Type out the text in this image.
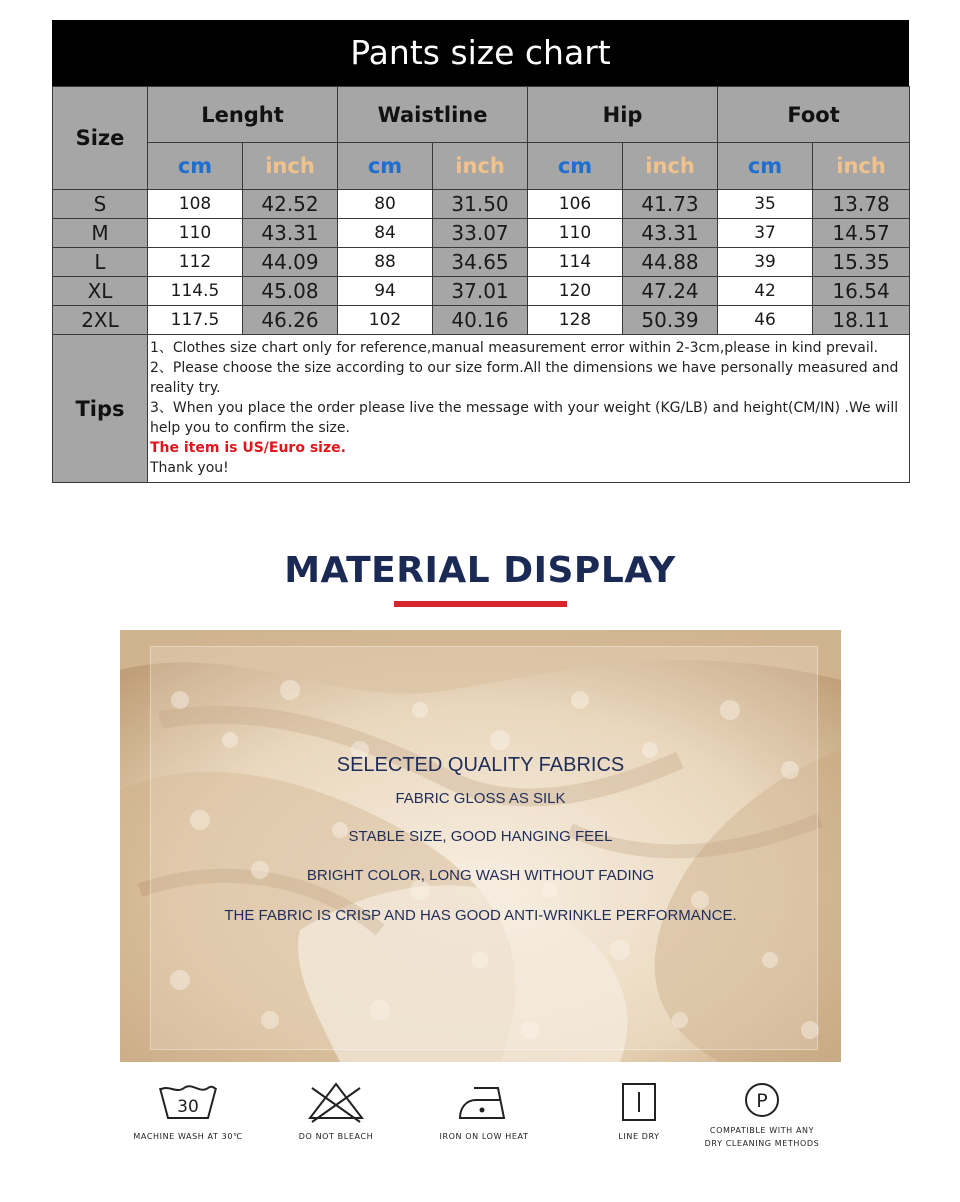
Pants size chart
Size	Lenght		Waistline		Hip		Foot	
	cm	inch	cm	inch	cm	inch	cm	inch
S	108	42.52	80	31.50	106	41.73	35	13.78
M	110	43.31	84	33.07	110	43.31	37	14.57
L	112	44.09	88	34.65	114	44.88	39	15.35
XL	114.5	45.08	94	37.01	120	47.24	42	16.54
2XL	117.5	46.26	102	40.16	128	50.39	46	18.11
Tips	1、Clothes size chart only for reference,manual measurement error within 2-3cm,please in kind prevail.

2、Please choose the size according to our size form.All the dimensions we have personally measured and reality try.

3、When you place the order please live the message with your weight (KG/LB) and height(CM/IN) .We will help you to confirm the size.

The item is US/Euro size.

Thank you!							

MATERIAL DISPLAY
SELECTED QUALITY FABRICS
FABRIC GLOSS AS SILK
STABLE SIZE, GOOD HANGING FEEL
BRIGHT COLOR, LONG WASH WITHOUT FADING
THE FABRIC IS CRISP AND HAS GOOD ANTI-WRINKLE PERFORMANCE.
30
MACHINE WASH AT 30℃	DO NOT BLEACH	IRON ON LOW HEAT	LINE DRY
P
COMPATIBLE WITH ANY
DRY CLEANING METHODS
